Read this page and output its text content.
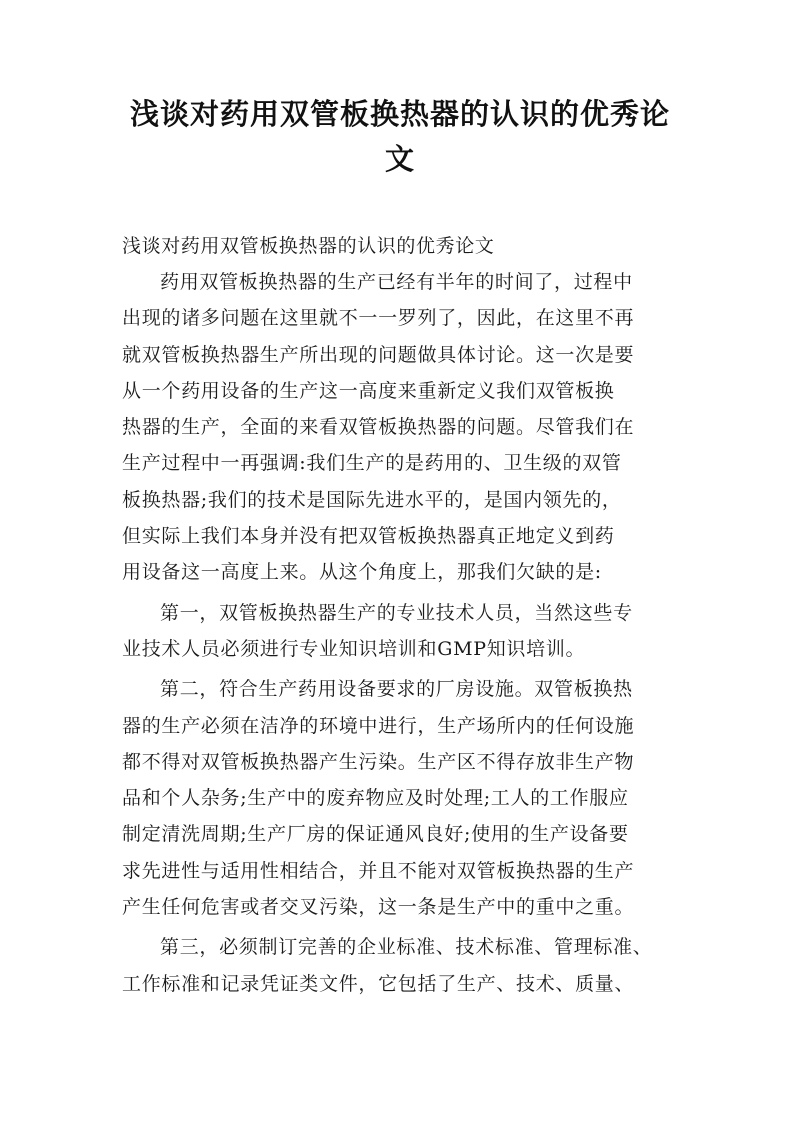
浅谈对药用双管板换热器的认识的优秀论
文
浅谈对药用双管板换热器的认识的优秀论文
药用双管板换热器的生产已经有半年的时间了，过程中
出现的诸多问题在这里就不一一罗列了，因此，在这里不再
就双管板换热器生产所出现的问题做具体讨论。这一次是要
从一个药用设备的生产这一高度来重新定义我们双管板换
热器的生产，全面的来看双管板换热器的问题。尽管我们在
生产过程中一再强调:我们生产的是药用的、卫生级的双管
板换热器;我们的技术是国际先进水平的，是国内领先的，
但实际上我们本身并没有把双管板换热器真正地定义到药
用设备这一高度上来。从这个角度上，那我们欠缺的是:
第一，双管板换热器生产的专业技术人员，当然这些专
业技术人员必须进行专业知识培训和GMP知识培训。
第二，符合生产药用设备要求的厂房设施。双管板换热
器的生产必须在洁净的环境中进行，生产场所内的任何设施
都不得对双管板换热器产生污染。生产区不得存放非生产物
品和个人杂务;生产中的废弃物应及时处理;工人的工作服应
制定清洗周期;生产厂房的保证通风良好;使用的生产设备要
求先进性与适用性相结合，并且不能对双管板换热器的生产
产生任何危害或者交叉污染，这一条是生产中的重中之重。
第三，必须制订完善的企业标准、技术标准、管理标准、
工作标准和记录凭证类文件，它包括了生产、技术、质量、
